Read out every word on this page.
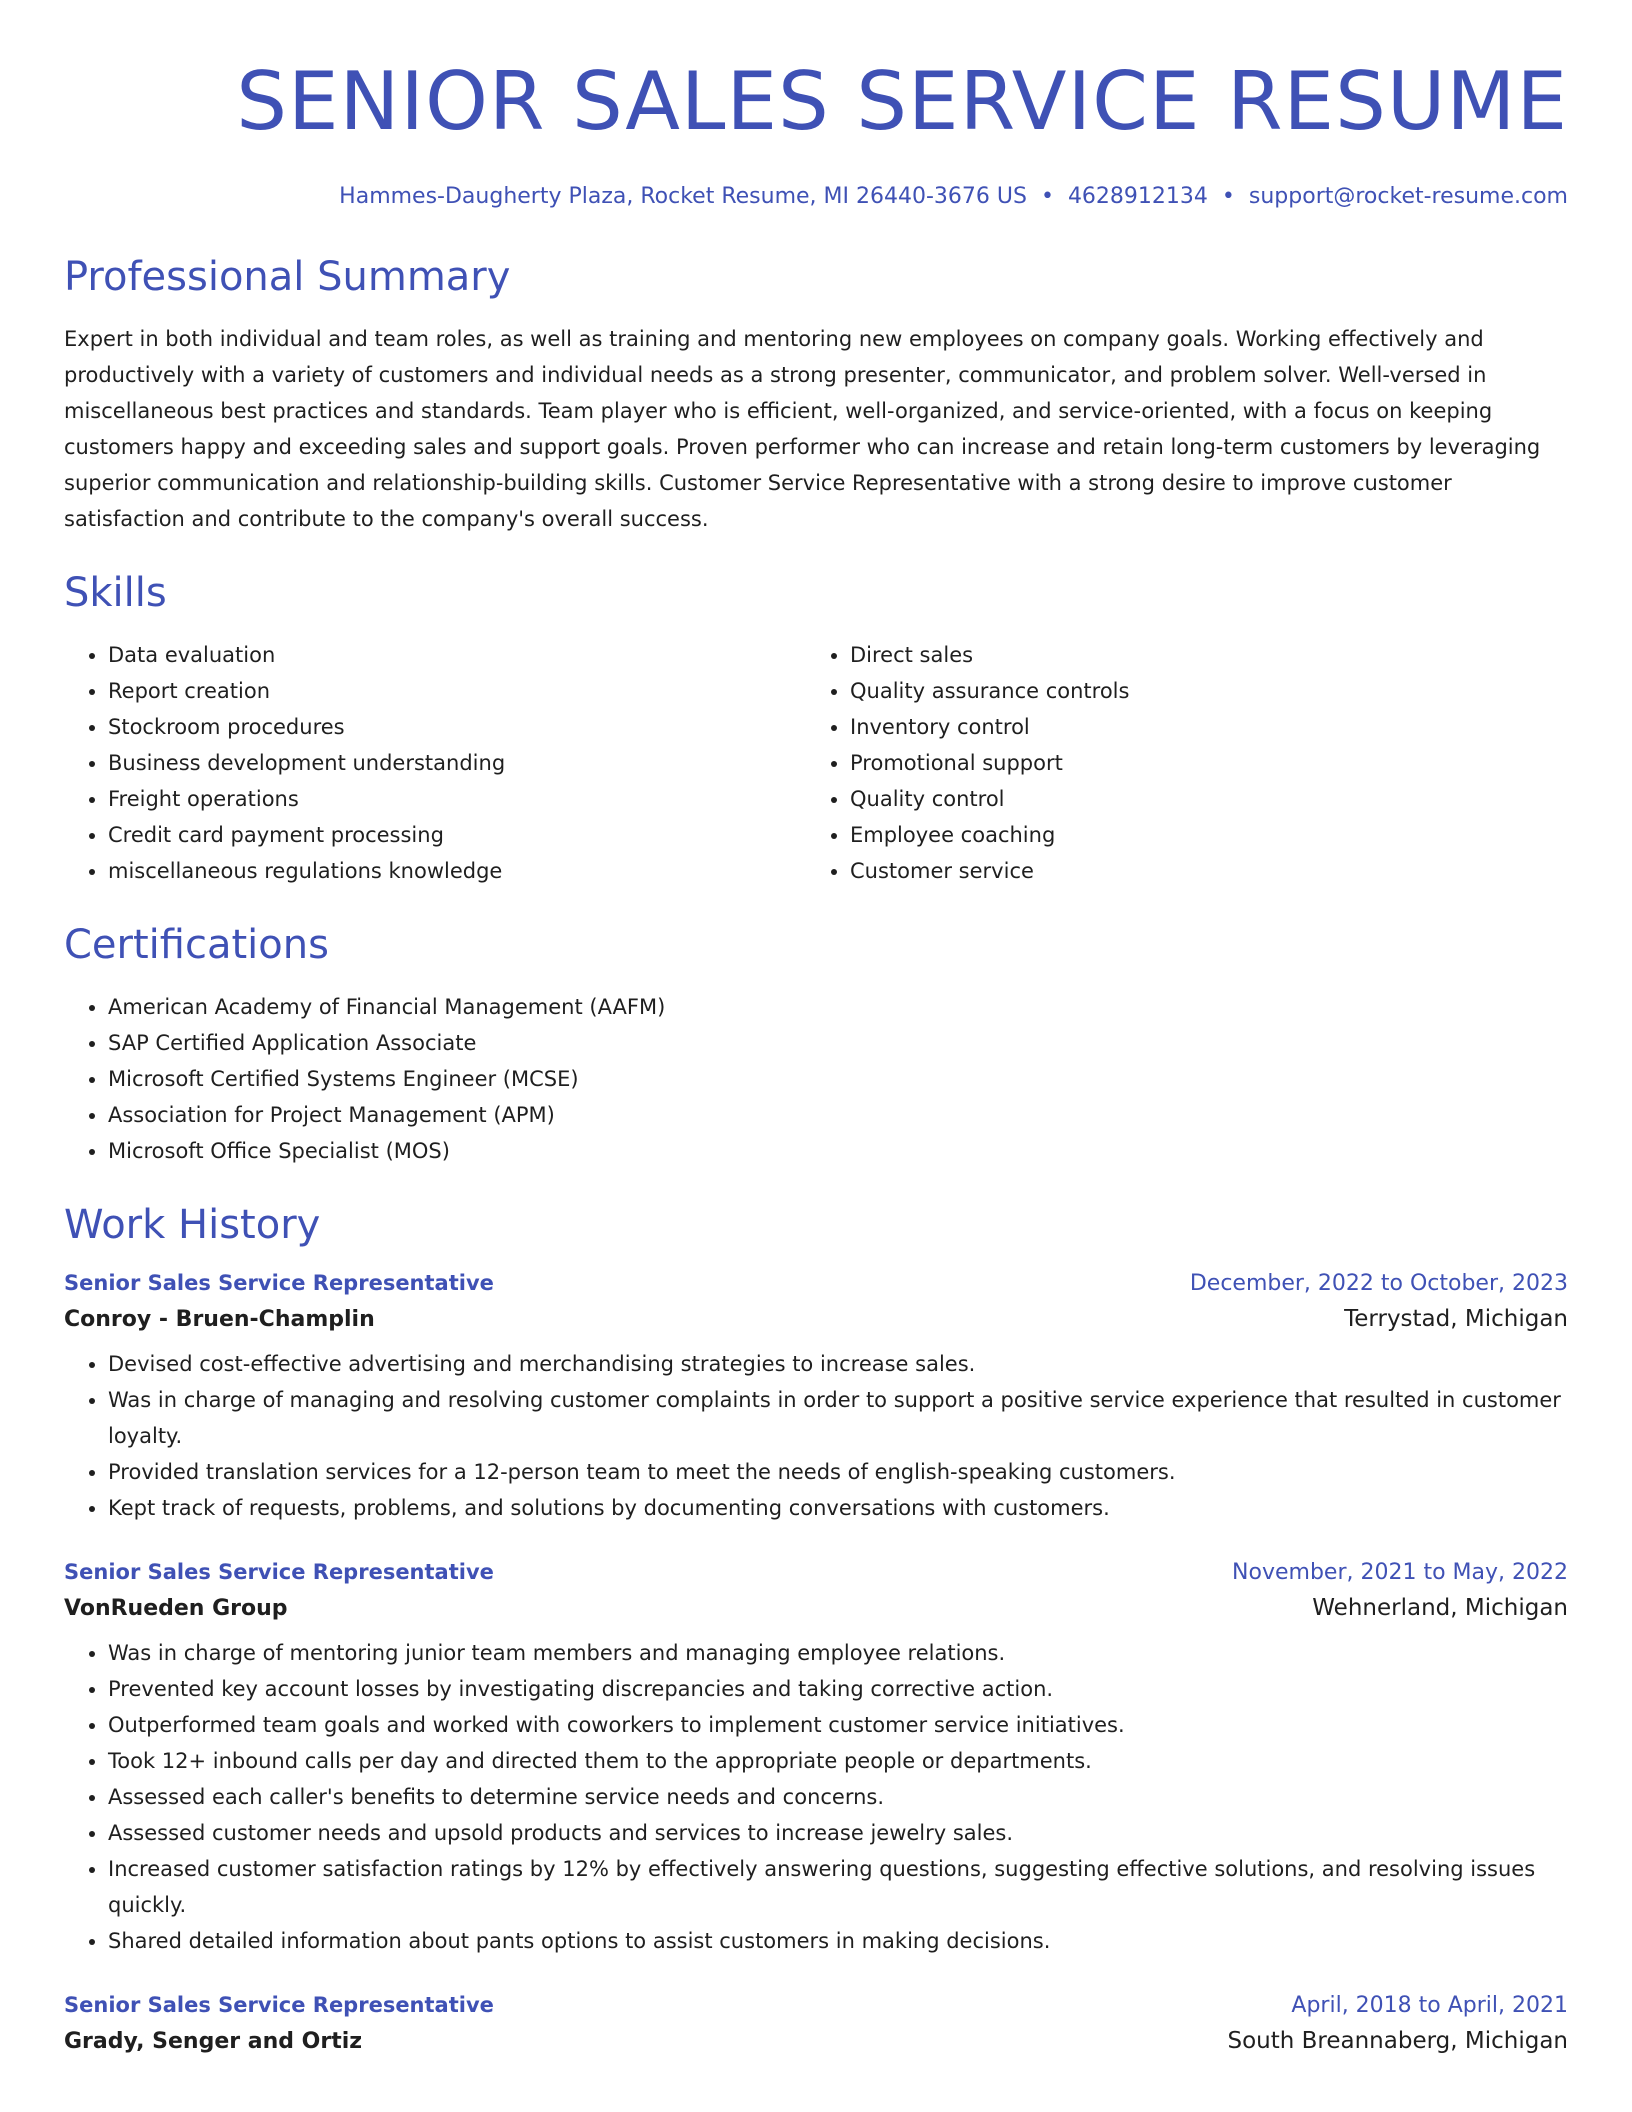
SENIOR SALES SERVICE RESUME
Hammes-Daugherty Plaza, Rocket Resume, MI 26440-3676 US • 4628912134 • support@rocket-resume.com
Professional Summary

Expert in both individual and team roles, as well as training and mentoring new employees on company goals. Working effectively and productively with a variety of customers and individual needs as a strong presenter, communicator, and problem solver. Well-versed in miscellaneous best practices and standards. Team player who is efficient, well-organized, and service-oriented, with a focus on keeping customers happy and exceeding sales and support goals. Proven performer who can increase and retain long-term customers by leveraging superior communication and relationship-building skills. Customer Service Representative with a strong desire to improve customer satisfaction and contribute to the company's overall success.

Skills
• Data evaluation
• Report creation
• Stockroom procedures
• Business development understanding
• Freight operations
• Credit card payment processing
• miscellaneous regulations knowledge
• Direct sales
• Quality assurance controls
• Inventory control
• Promotional support
• Quality control
• Employee coaching
• Customer service
Certifications
• American Academy of Financial Management (AAFM)
• SAP Certified Application Associate
• Microsoft Certified Systems Engineer (MCSE)
• Association for Project Management (APM)
• Microsoft Office Specialist (MOS)
Work History
Senior Sales Service Representative	December, 2022 to October, 2023
Conroy - Bruen-Champlin	Terrystad, Michigan
• Devised cost-effective advertising and merchandising strategies to increase sales.
• Was in charge of managing and resolving customer complaints in order to support a positive service experience that resulted in customer loyalty.
• Provided translation services for a 12-person team to meet the needs of english-speaking customers.
• Kept track of requests, problems, and solutions by documenting conversations with customers.
Senior Sales Service Representative	November, 2021 to May, 2022
VonRueden Group	Wehnerland, Michigan
• Was in charge of mentoring junior team members and managing employee relations.
• Prevented key account losses by investigating discrepancies and taking corrective action.
• Outperformed team goals and worked with coworkers to implement customer service initiatives.
• Took 12+ inbound calls per day and directed them to the appropriate people or departments.
• Assessed each caller's benefits to determine service needs and concerns.
• Assessed customer needs and upsold products and services to increase jewelry sales.
• Increased customer satisfaction ratings by 12% by effectively answering questions, suggesting effective solutions, and resolving issues quickly.
• Shared detailed information about pants options to assist customers in making decisions.
Senior Sales Service Representative	April, 2018 to April, 2021
Grady, Senger and Ortiz	South Breannaberg, Michigan
